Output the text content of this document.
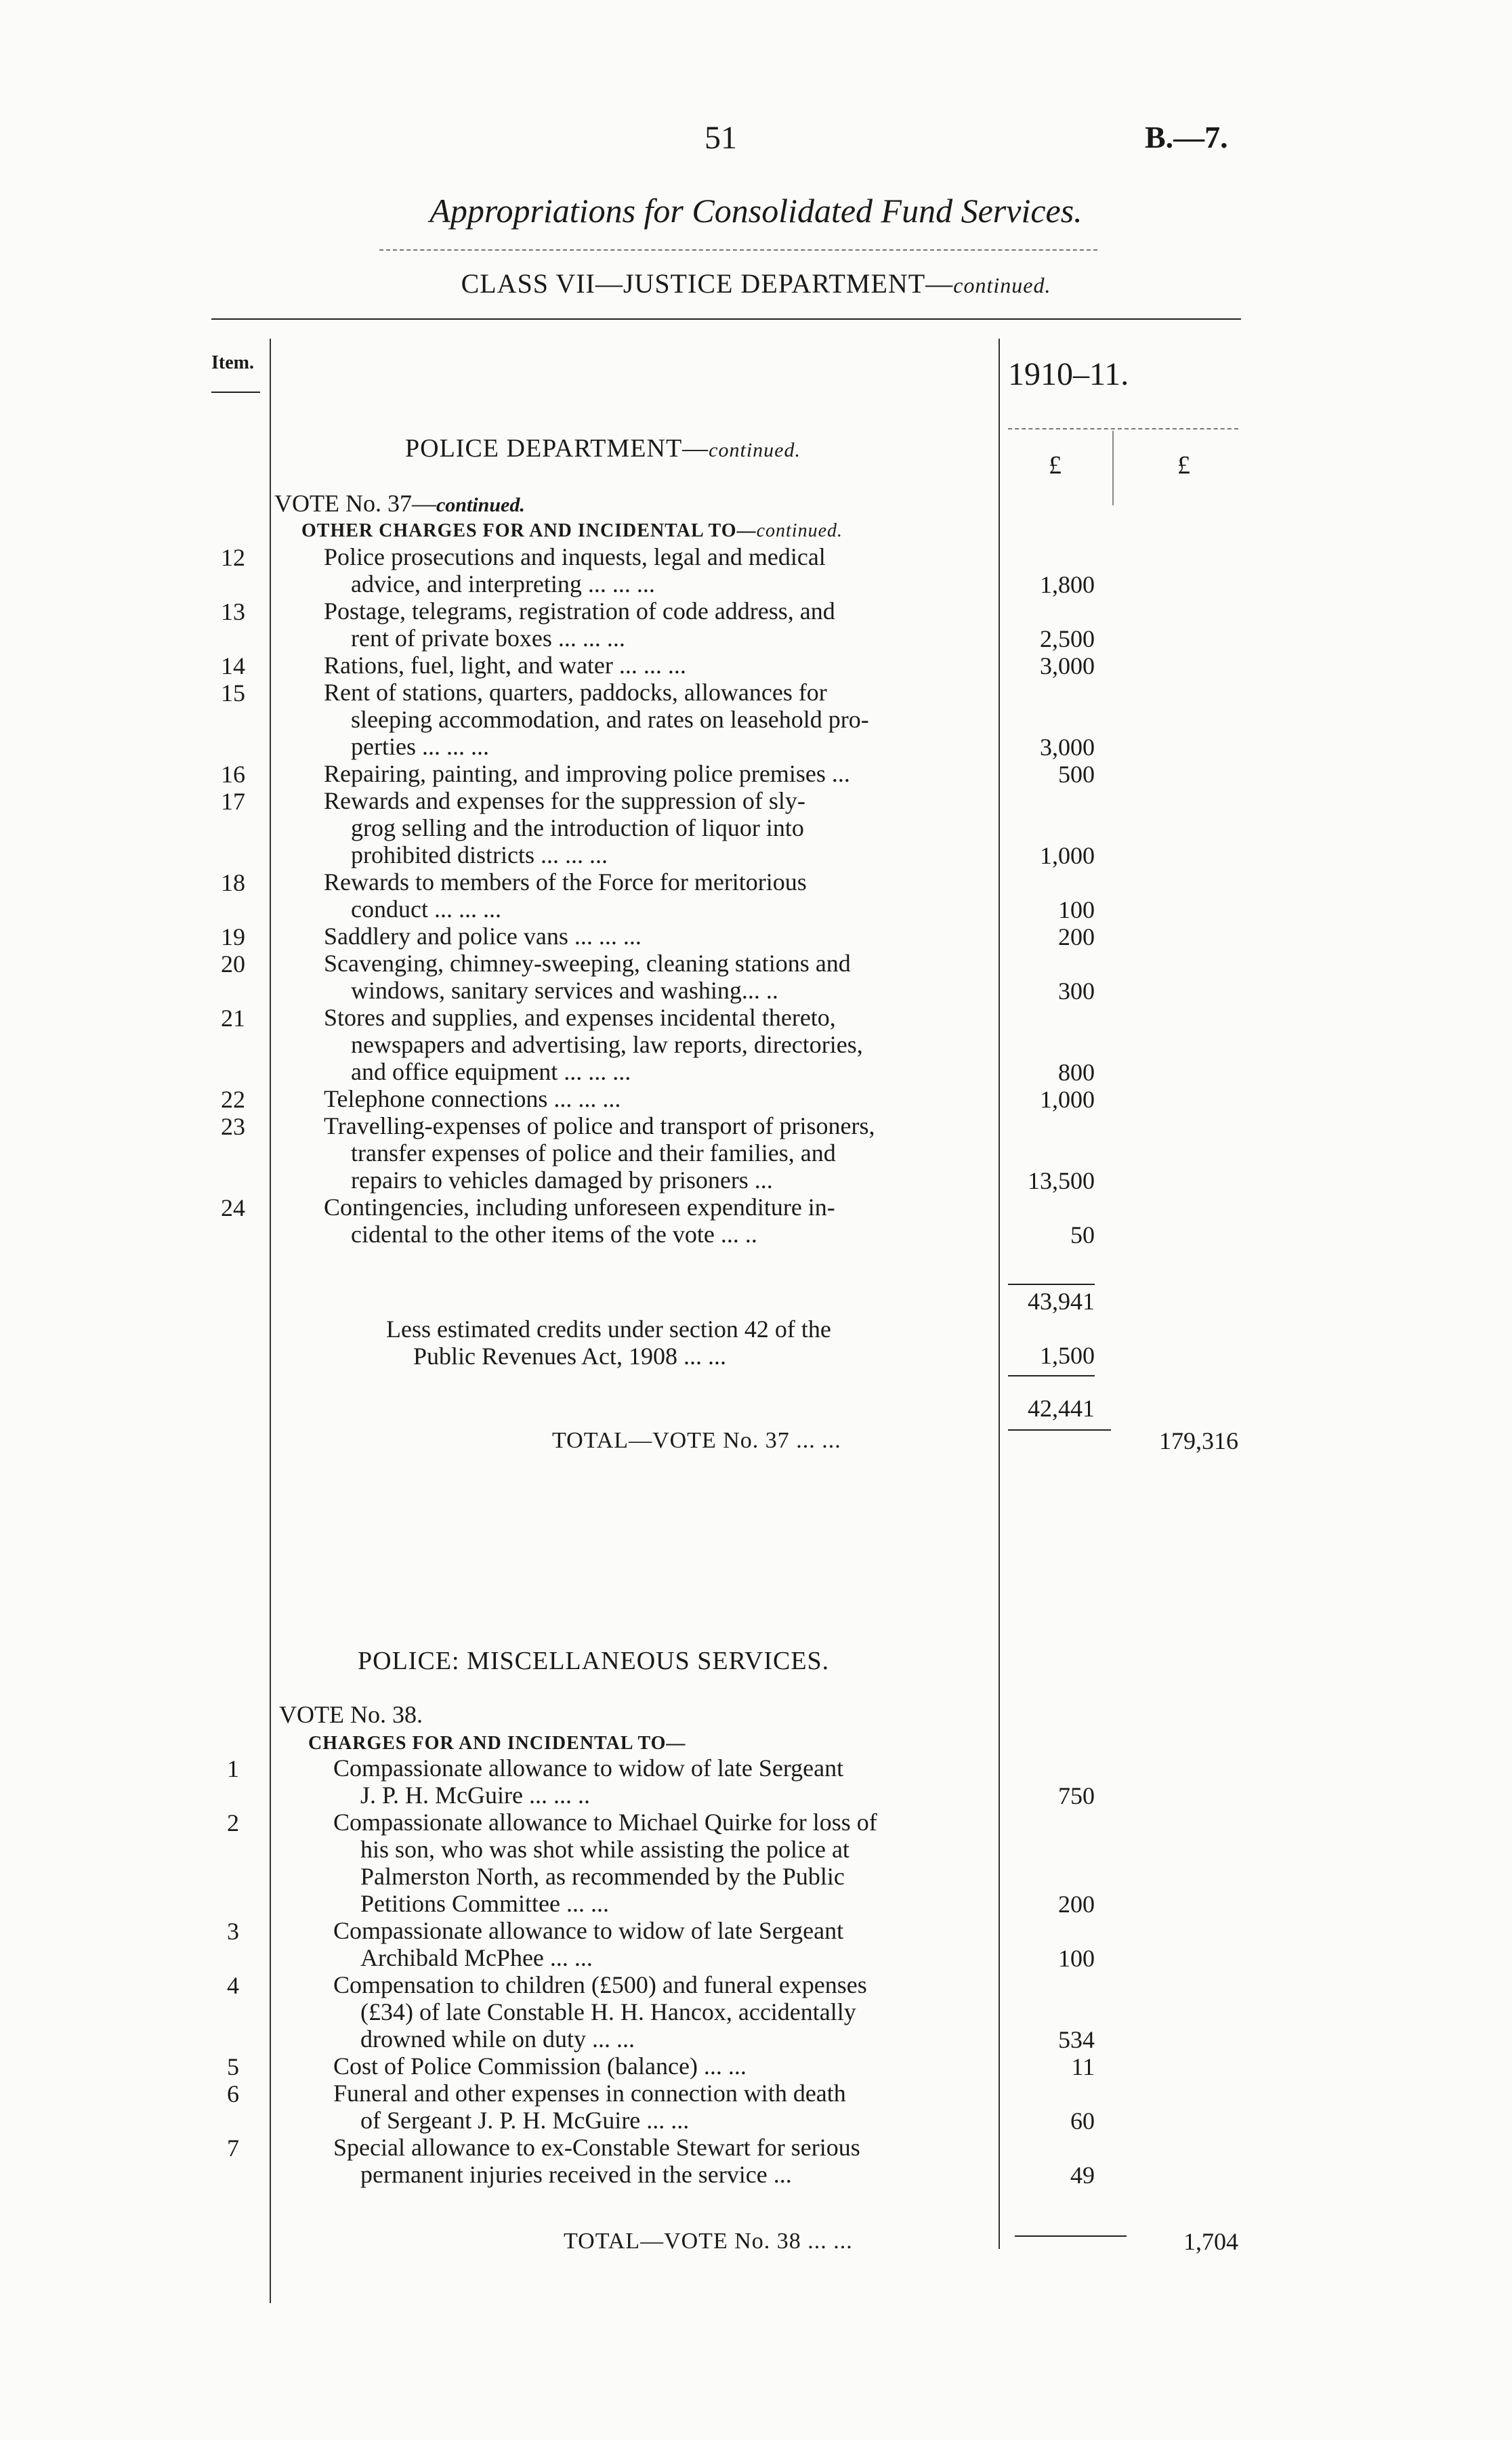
51	B.—7.
Appropriations for Consolidated Fund Services.
CLASS VII—JUSTICE DEPARTMENT—continued.
Item.	1910–11.
£	£
POLICE DEPARTMENT—continued.
VOTE No. 37—continued.
OTHER CHARGES FOR AND INCIDENTAL TO—continued.
12	Police prosecutions and inquests, legal and medical
advice, and interpreting ... ... ...	1,800
13	Postage, telegrams, registration of code address, and
rent of private boxes ... ... ...	2,500
14	Rations, fuel, light, and water ... ... ...	3,000
15	Rent of stations, quarters, paddocks, allowances for
sleeping accommodation, and rates on leasehold pro-
perties ... ... ...	3,000
16	Repairing, painting, and improving police premises ...	500
17	Rewards and expenses for the suppression of sly-
grog selling and the introduction of liquor into
prohibited districts ... ... ...	1,000
18	Rewards to members of the Force for meritorious
conduct ... ... ...	100
19	Saddlery and police vans ... ... ...	200
20	Scavenging, chimney-sweeping, cleaning stations and
windows, sanitary services and washing... ..	300
21	Stores and supplies, and expenses incidental thereto,
newspapers and advertising, law reports, directories,
and office equipment ... ... ...	800
22	Telephone connections ... ... ...	1,000
23	Travelling-expenses of police and transport of prisoners,
transfer expenses of police and their families, and
repairs to vehicles damaged by prisoners ...	13,500
24	Contingencies, including unforeseen expenditure in-
cidental to the other items of the vote ... ..	50
43,941
Less estimated credits under section 42 of the
Public Revenues Act, 1908 ... ...	1,500
42,441
TOTAL—VOTE No. 37 ... ...	179,316
POLICE: MISCELLANEOUS SERVICES.
VOTE No. 38.
CHARGES FOR AND INCIDENTAL TO—
1	Compassionate allowance to widow of late Sergeant
J. P. H. McGuire ... ... ..	750
2	Compassionate allowance to Michael Quirke for loss of
his son, who was shot while assisting the police at
Palmerston North, as recommended by the Public
Petitions Committee ... ...	200
3	Compassionate allowance to widow of late Sergeant
Archibald McPhee ... ...	100
4	Compensation to children (£500) and funeral expenses
(£34) of late Constable H. H. Hancox, accidentally
drowned while on duty ... ...	534
5	Cost of Police Commission (balance) ... ...	11
6	Funeral and other expenses in connection with death
of Sergeant J. P. H. McGuire ... ...	60
7	Special allowance to ex-Constable Stewart for serious
permanent injuries received in the service ...	49
TOTAL—VOTE No. 38 ... ...	1,704
